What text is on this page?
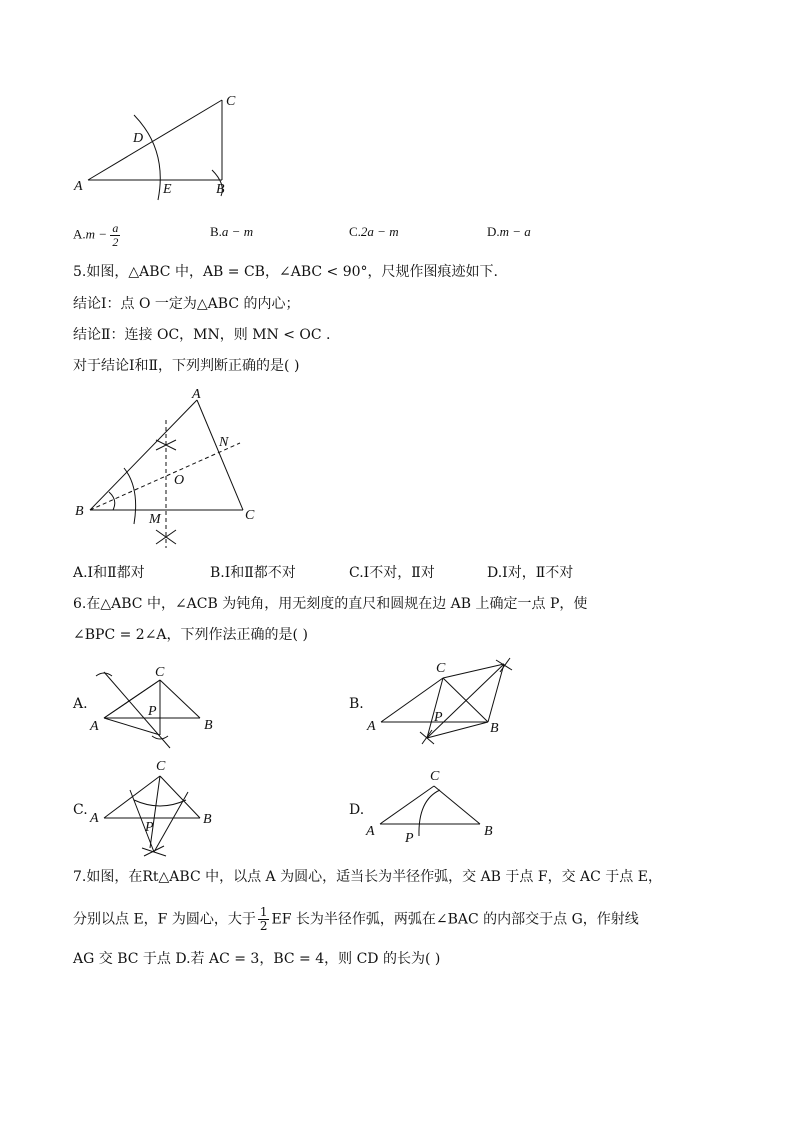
C
D
A	E	B
$A.m - \frac{a}{2}$	B.a − m	C.2a − m	D.m − a
5.如图，△ABC 中，AB = CB，∠ABC < 90°，尺规作图痕迹如下.
结论Ⅰ：点 O 一定为△ABC 的内心；
结论Ⅱ：连接 OC，MN，则 MN < OC .
对于结论Ⅰ和Ⅱ，下列判断正确的是( )
A
N
O
B
M	C
A.Ⅰ和Ⅱ都对	B.Ⅰ和Ⅱ都不对	C.Ⅰ不对，Ⅱ对	D.Ⅰ对，Ⅱ不对
6.在△ABC 中，∠ACB 为钝角，用无刻度的直尺和圆规在边 AB 上确定一点 P，使
∠BPC = 2∠A，下列作法正确的是( )
A.
C
A
P
B
B.
C
A
P
B
C.
C
A
P
B
D.
C
A P	B
7.如图，在Rt△ABC 中，以点 A 为圆心，适当长为半径作弧，交 AB 于点 F，交 AC 于点 E，
分别以点 E，F 为圆心，大于 $\frac{1}{2}$ EF 长为半径作弧，两弧在∠BAC 的内部交于点 G，作射线
AG 交 BC 于点 D.若 AC = 3，BC = 4，则 CD 的长为( )
